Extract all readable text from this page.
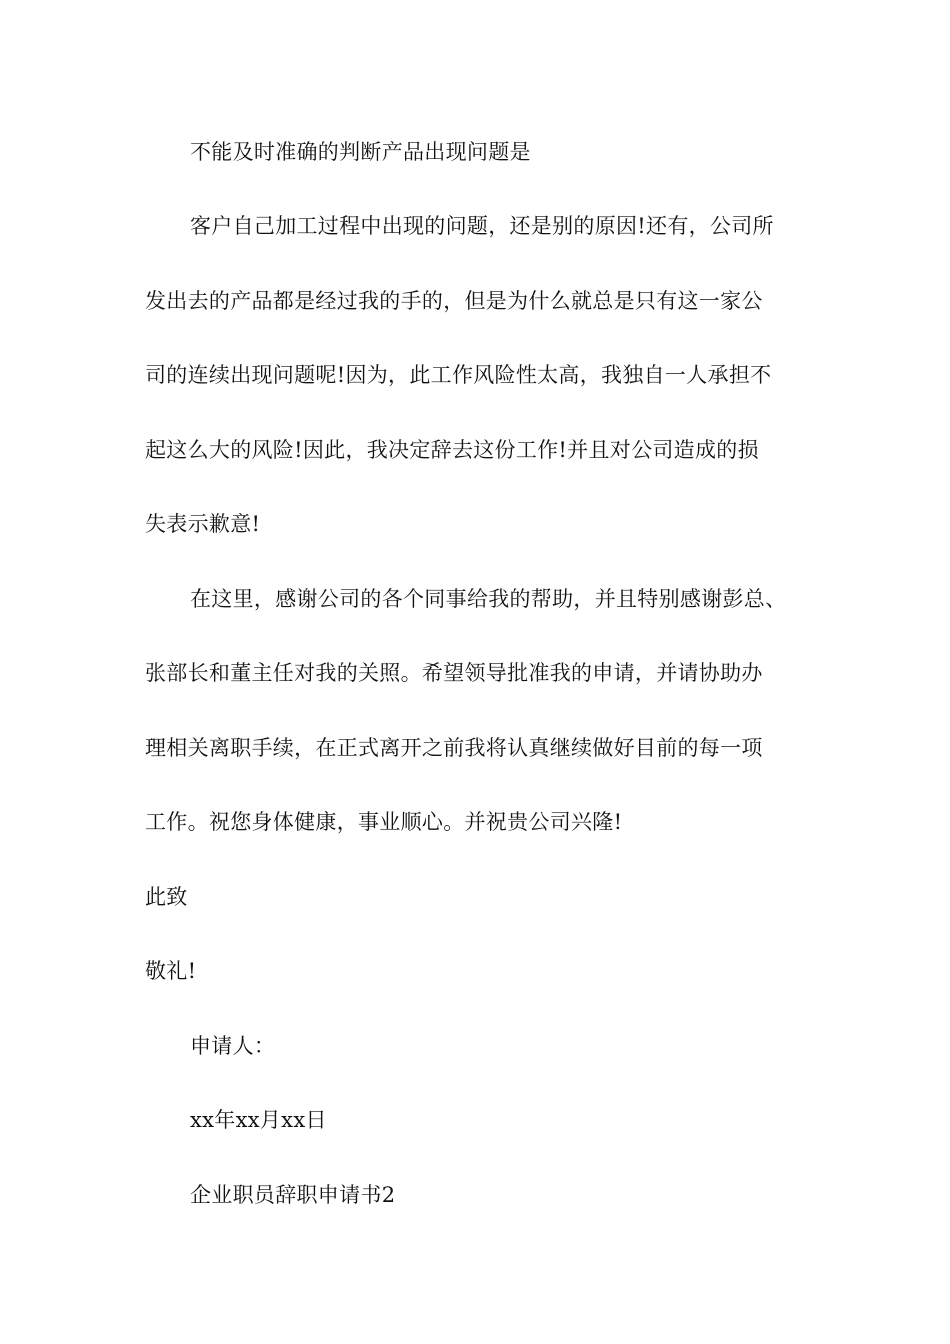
不能及时准确的判断产品出现问题是
客户自己加工过程中出现的问题，还是别的原因!还有，公司所
发出去的产品都是经过我的手的，但是为什么就总是只有这一家公
司的连续出现问题呢!因为，此工作风险性太高，我独自一人承担不
起这么大的风险!因此，我决定辞去这份工作!并且对公司造成的损
失表示歉意!
在这里，感谢公司的各个同事给我的帮助，并且特别感谢彭总、
张部长和董主任对我的关照。希望领导批准我的申请，并请协助办
理相关离职手续，在正式离开之前我将认真继续做好目前的每一项
工作。祝您身体健康，事业顺心。并祝贵公司兴隆!
此致
敬礼!
申请人：
xx年xx月xx日
企业职员辞职申请书2
